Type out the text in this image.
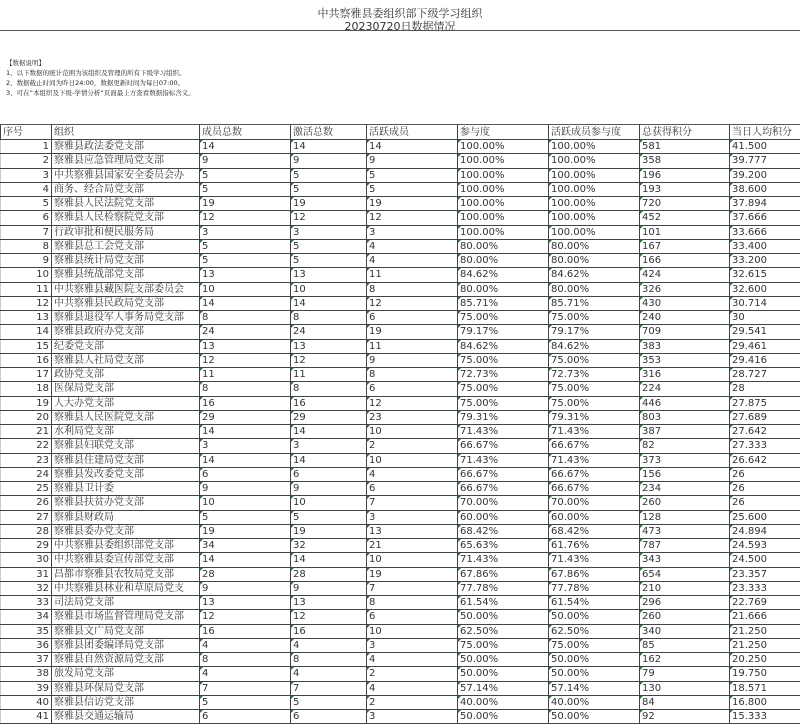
中共察雅县委组织部下级学习组织
20230720日数据情况
【数据说明】
1、以下数据的统计范围为该组织及管理的所有下级学习组织。
2、数据截止时间为昨日24:00，数据更新时间为每日07:00。
3、可在“本组织及下级-学情分析”页面最上方查看数据指标含义。
序号	组织	成员总数	激活总数	活跃成员	参与度	活跃成员参与度	总获得积分	当日人均积分
1	察雅县政法委党支部	14	14	14	100.00%	100.00%	581	41.500
2	察雅县应急管理局党支部	9	9	9	100.00%	100.00%	358	39.777
3	中共察雅县国家安全委员会办	5	5	5	100.00%	100.00%	196	39.200
4	商务、经合局党支部	5	5	5	100.00%	100.00%	193	38.600
5	察雅县人民法院党支部	19	19	19	100.00%	100.00%	720	37.894
6	察雅县人民检察院党支部	12	12	12	100.00%	100.00%	452	37.666
7	行政审批和便民服务局	3	3	3	100.00%	100.00%	101	33.666
8	察雅县总工会党支部	5	5	4	80.00%	80.00%	167	33.400
9	察雅县统计局党支部	5	5	4	80.00%	80.00%	166	33.200
10	察雅县统战部党支部	13	13	11	84.62%	84.62%	424	32.615
11	中共察雅县藏医院支部委员会	10	10	8	80.00%	80.00%	326	32.600
12	中共察雅县民政局党支部	14	14	12	85.71%	85.71%	430	30.714
13	察雅县退役军人事务局党支部	8	8	6	75.00%	75.00%	240	30
14	察雅县政府办党支部	24	24	19	79.17%	79.17%	709	29.541
15	纪委党支部	13	13	11	84.62%	84.62%	383	29.461
16	察雅县人社局党支部	12	12	9	75.00%	75.00%	353	29.416
17	政协党支部	11	11	8	72.73%	72.73%	316	28.727
18	医保局党支部	8	8	6	75.00%	75.00%	224	28
19	人大办党支部	16	16	12	75.00%	75.00%	446	27.875
20	察雅县人民医院党支部	29	29	23	79.31%	79.31%	803	27.689
21	水利局党支部	14	14	10	71.43%	71.43%	387	27.642
22	察雅县妇联党支部	3	3	2	66.67%	66.67%	82	27.333
23	察雅县住建局党支部	14	14	10	71.43%	71.43%	373	26.642
24	察雅县发改委党支部	6	6	4	66.67%	66.67%	156	26
25	察雅县卫计委	9	9	6	66.67%	66.67%	234	26
26	察雅县扶贫办党支部	10	10	7	70.00%	70.00%	260	26
27	察雅县财政局	5	5	3	60.00%	60.00%	128	25.600
28	察雅县委办党支部	19	19	13	68.42%	68.42%	473	24.894
29	中共察雅县委组织部党支部	34	32	21	65.63%	61.76%	787	24.593
30	中共察雅县委宣传部党支部	14	14	10	71.43%	71.43%	343	24.500
31	昌都市察雅县农牧局党支部	28	28	19	67.86%	67.86%	654	23.357
32	中共察雅县林业和草原局党支	9	9	7	77.78%	77.78%	210	23.333
33	司法局党支部	13	13	8	61.54%	61.54%	296	22.769
34	察雅县市场监督管理局党支部	12	12	6	50.00%	50.00%	260	21.666
35	察雅县文广局党支部	16	16	10	62.50%	62.50%	340	21.250
36	察雅县团委编译局党支部	4	4	3	75.00%	75.00%	85	21.250
37	察雅县自然资源局党支部	8	8	4	50.00%	50.00%	162	20.250
38	旅发局党支部	4	4	2	50.00%	50.00%	79	19.750
39	察雅县环保局党支部	7	7	4	57.14%	57.14%	130	18.571
40	察雅县信访党支部	5	5	2	40.00%	40.00%	84	16.800
41	察雅县交通运输局	6	6	3	50.00%	50.00%	92	15.333
